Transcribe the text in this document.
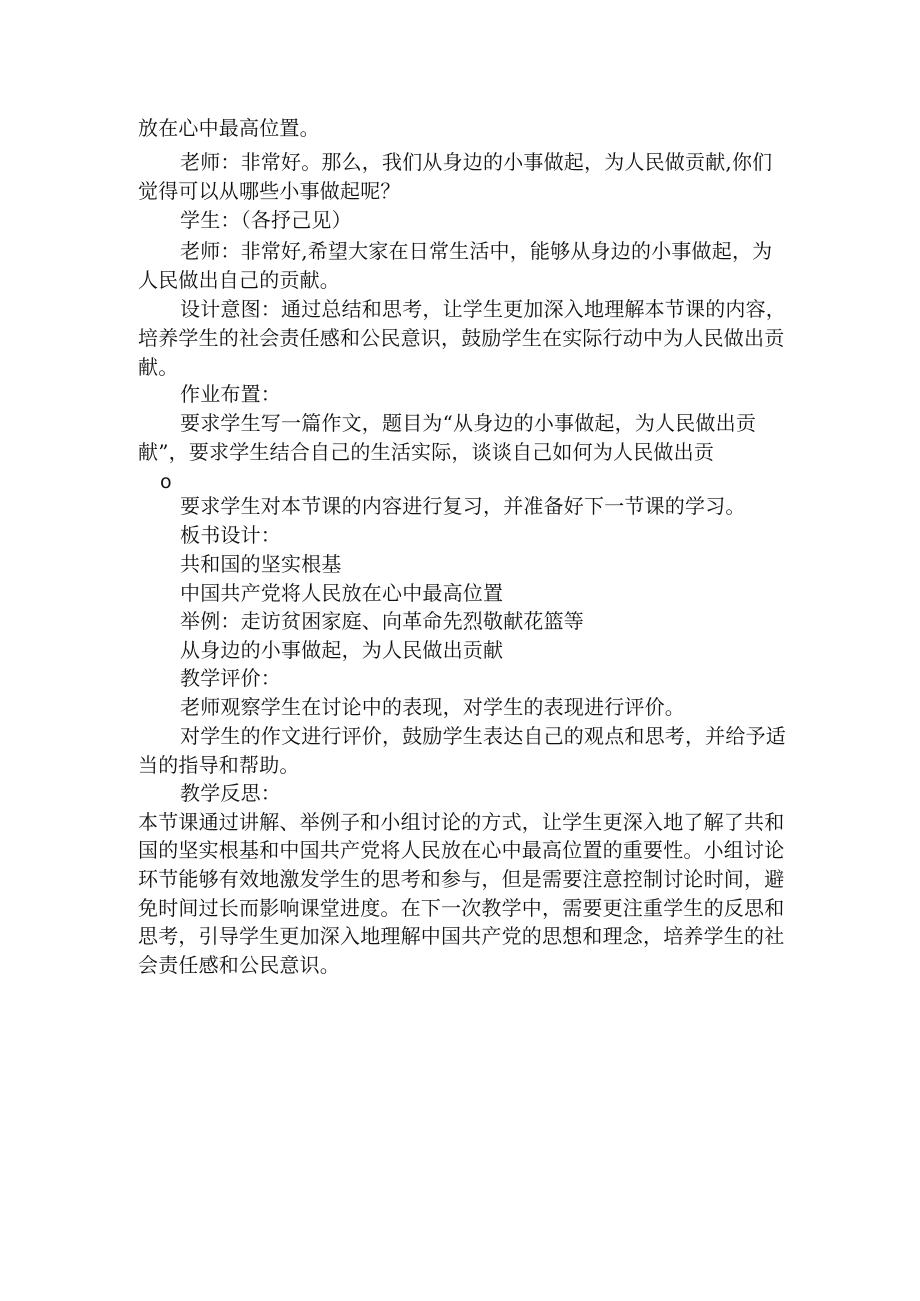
放在心中最高位置。
老师：非常好。那么，我们从身边的小事做起，为人民做贡献,你们
觉得可以从哪些小事做起呢？
学生：（各抒己见）
老师：非常好,希望大家在日常生活中，能够从身边的小事做起，为
人民做出自己的贡献。
设计意图：通过总结和思考，让学生更加深入地理解本节课的内容，
培养学生的社会责任感和公民意识，鼓励学生在实际行动中为人民做出贡
献。
作业布置：
要求学生写一篇作文，题目为“从身边的小事做起，为人民做出贡
献”，要求学生结合自己的生活实际，谈谈自己如何为人民做出贡
o
要求学生对本节课的内容进行复习，并准备好下一节课的学习。
板书设计：
共和国的坚实根基
中国共产党将人民放在心中最高位置
举例：走访贫困家庭、向革命先烈敬献花篮等
从身边的小事做起，为人民做出贡献
教学评价：
老师观察学生在讨论中的表现，对学生的表现进行评价。
对学生的作文进行评价，鼓励学生表达自己的观点和思考，并给予适
当的指导和帮助。
教学反思：
本节课通过讲解、举例子和小组讨论的方式，让学生更深入地了解了共和
国的坚实根基和中国共产党将人民放在心中最高位置的重要性。小组讨论
环节能够有效地激发学生的思考和参与，但是需要注意控制讨论时间，避
免时间过长而影响课堂进度。在下一次教学中，需要更注重学生的反思和
思考，引导学生更加深入地理解中国共产党的思想和理念，培养学生的社
会责任感和公民意识。
